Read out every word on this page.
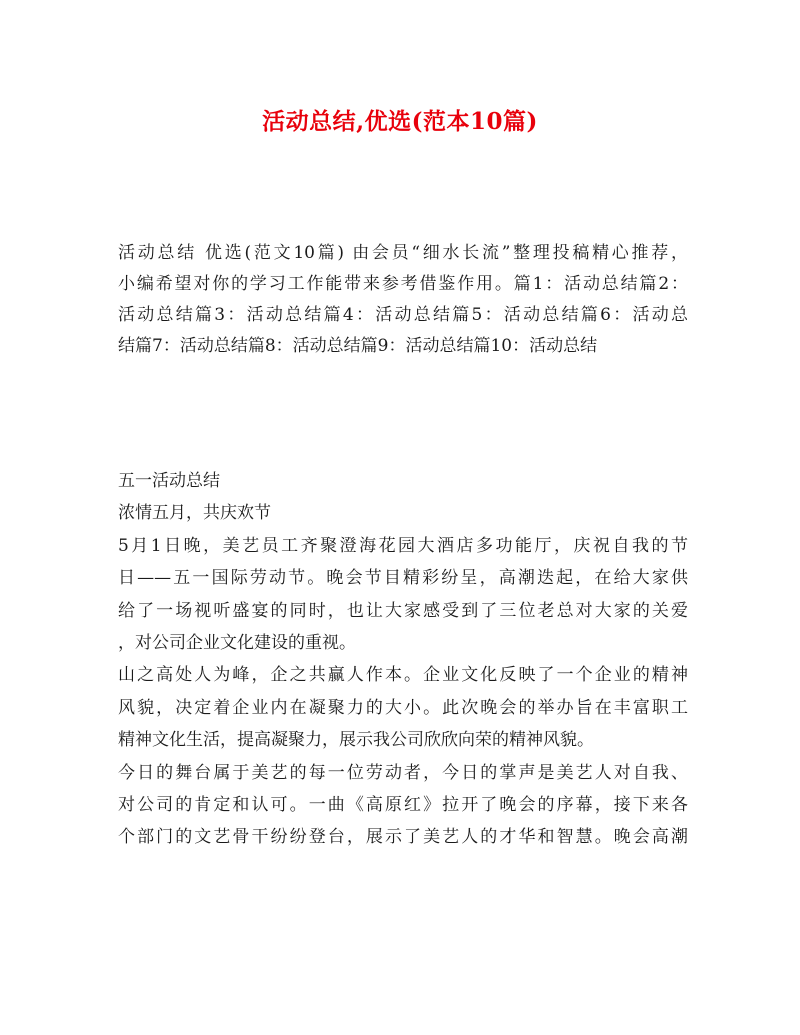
活动总结,优选(范本10篇)
活动总结 优选(范文10篇) 由会员“细水长流”整理投稿精心推荐，
小编希望对你的学习工作能带来参考借鉴作用。篇1：活动总结篇2：
活动总结篇3：活动总结篇4：活动总结篇5：活动总结篇6：活动总
结篇7：活动总结篇8：活动总结篇9：活动总结篇10：活动总结
五一活动总结
浓情五月，共庆欢节
5月1日晚，美艺员工齐聚澄海花园大酒店多功能厅，庆祝自我的节
日——五一国际劳动节。晚会节目精彩纷呈，高潮迭起，在给大家供
给了一场视听盛宴的同时，也让大家感受到了三位老总对大家的关爱
，对公司企业文化建设的重视。
山之高处人为峰，企之共赢人作本。企业文化反映了一个企业的精神
风貌，决定着企业内在凝聚力的大小。此次晚会的举办旨在丰富职工
精神文化生活，提高凝聚力，展示我公司欣欣向荣的精神风貌。
今日的舞台属于美艺的每一位劳动者，今日的掌声是美艺人对自我、
对公司的肯定和认可。一曲《高原红》拉开了晚会的序幕，接下来各
个部门的文艺骨干纷纷登台，展示了美艺人的才华和智慧。晚会高潮
